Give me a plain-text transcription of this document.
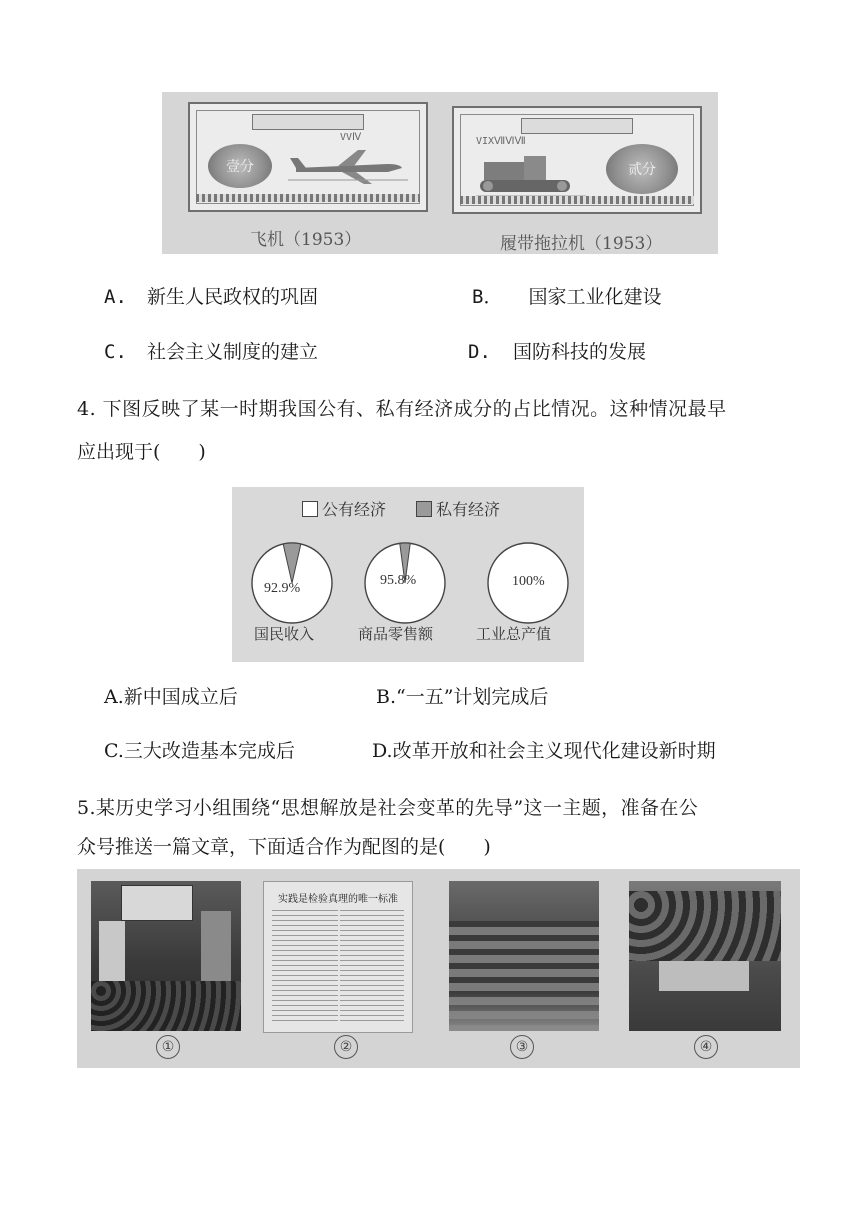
VVⅣ
壹分
VIXⅦⅥⅦ
贰分
飞机（1953）	履带拖拉机（1953）
A. 新生人民政权的巩固	B． 国家工业化建设
C. 社会主义制度的建立	D. 国防科技的发展
4. 下图反映了某一时期我国公有、私有经济成分的占比情况。这种情况最早
应出现于(　　)
公有经济	私有经济
92.9%
95.8%	100%
国民收入	商品零售额	工业总产值
A.新中国成立后	B.“一五”计划完成后
C.三大改造基本完成后	D.改革开放和社会主义现代化建设新时期
5.某历史学习小组围绕“思想解放是社会变革的先导”这一主题，准备在公
众号推送一篇文章，下面适合作为配图的是(　　)
实践是检验真理的唯一标准
①	②	③	④
